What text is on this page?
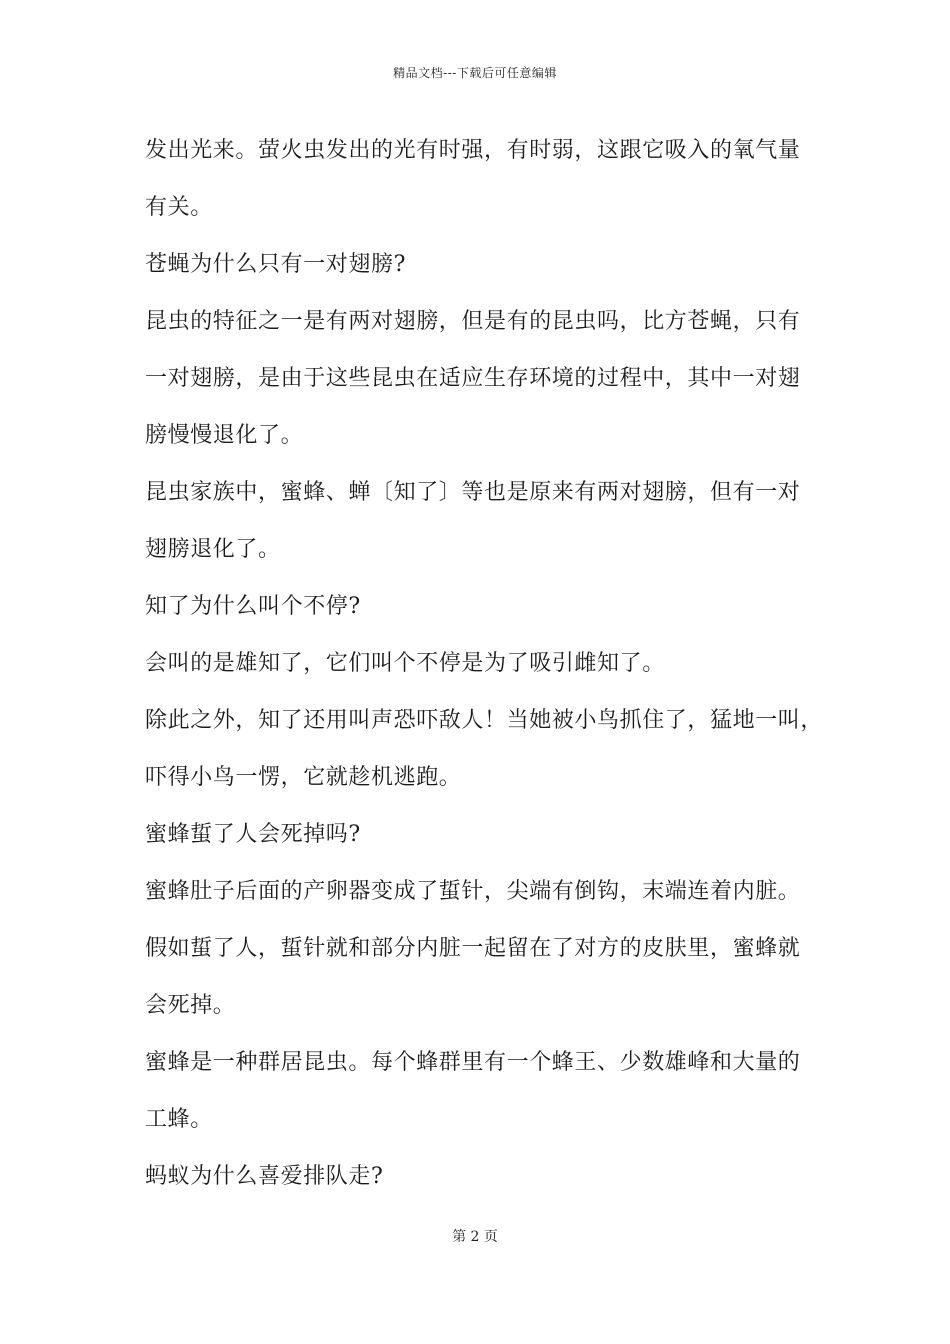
精品文档---下载后可任意编辑
发出光来。萤火虫发出的光有时强，有时弱，这跟它吸入的氧气量
有关。
苍蝇为什么只有一对翅膀?
昆虫的特征之一是有两对翅膀，但是有的昆虫吗，比方苍蝇，只有
一对翅膀，是由于这些昆虫在适应生存环境的过程中，其中一对翅
膀慢慢退化了。
昆虫家族中，蜜蜂、蝉〔知了〕等也是原来有两对翅膀，但有一对
翅膀退化了。
知了为什么叫个不停?
会叫的是雄知了，它们叫个不停是为了吸引雌知了。
除此之外，知了还用叫声恐吓敌人！当她被小鸟抓住了，猛地一叫，
吓得小鸟一愣，它就趁机逃跑。
蜜蜂蜇了人会死掉吗?
蜜蜂肚子后面的产卵器变成了蜇针，尖端有倒钩，末端连着内脏。
假如蜇了人，蜇针就和部分内脏一起留在了对方的皮肤里，蜜蜂就
会死掉。
蜜蜂是一种群居昆虫。每个蜂群里有一个蜂王、少数雄峰和大量的
工蜂。
蚂蚁为什么喜爱排队走?
第 2 页
